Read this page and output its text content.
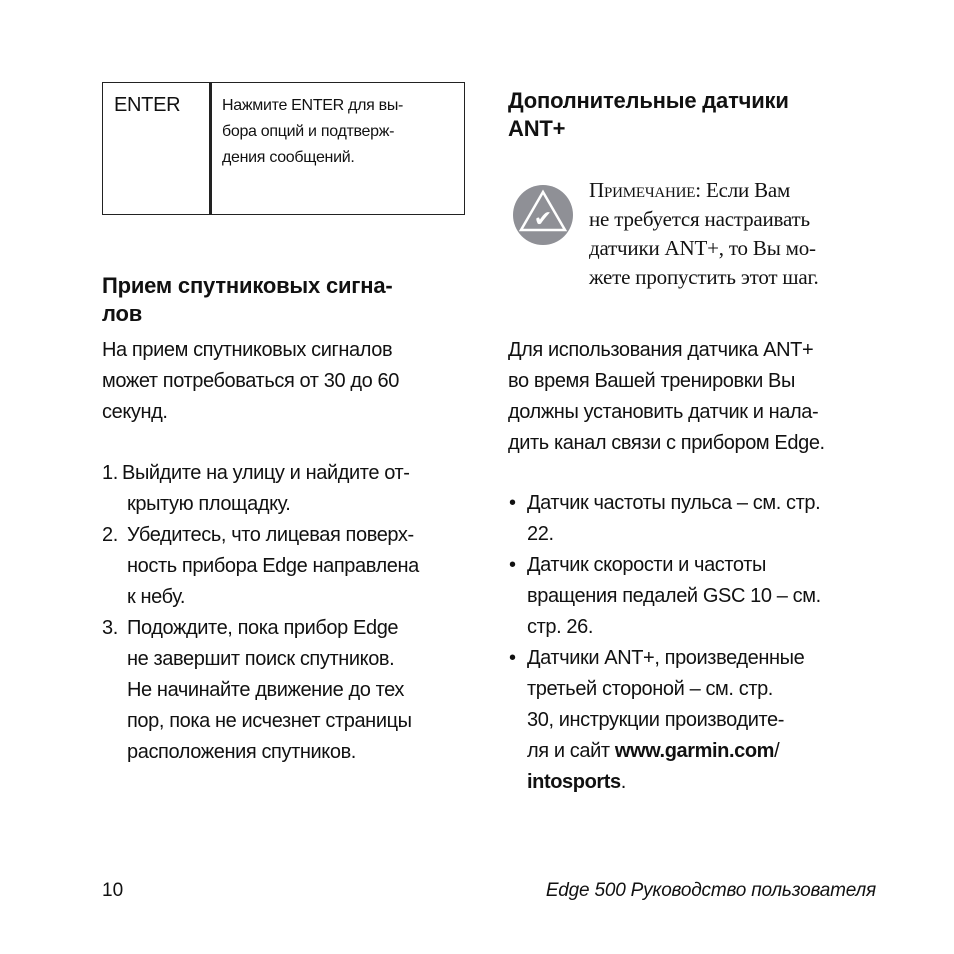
ENTER	Нажмите ENTER для вы-
бора опций и подтверж-
дения сообщений.
Прием спутниковых сигна-
лов
На прием спутниковых сигналов
может потребоваться от 30 до 60
секунд.
1. Выйдите на улицу и найдите от-
крытую площадку.
2. Убедитесь, что лицевая поверх-
ность прибора Edge направлена
к небу.
3. Подождите, пока прибор Edge
не завершит поиск спутников.
Не начинайте движение до тех
пор, пока не исчезнет страницы
расположения спутников.
Дополнительные датчики
ANT+
✔
Примечание: Если Вам
не требуется настраивать
датчики ANT+, то Вы мо-
жете пропустить этот шаг.
Для использования датчика ANT+
во время Вашей тренировки Вы
должны установить датчик и нала-
дить канал связи с прибором Edge.
• Датчик частоты пульса – см. стр.
22.
• Датчик скорости и частоты
вращения педалей GSC 10 – см.
стр. 26.
• Датчики ANT+, произведенные
третьей стороной – см. стр.
30, инструкции производите-
ля и сайт www.garmin.com/
intosports.
10	Edge 500 Руководство пользователя
